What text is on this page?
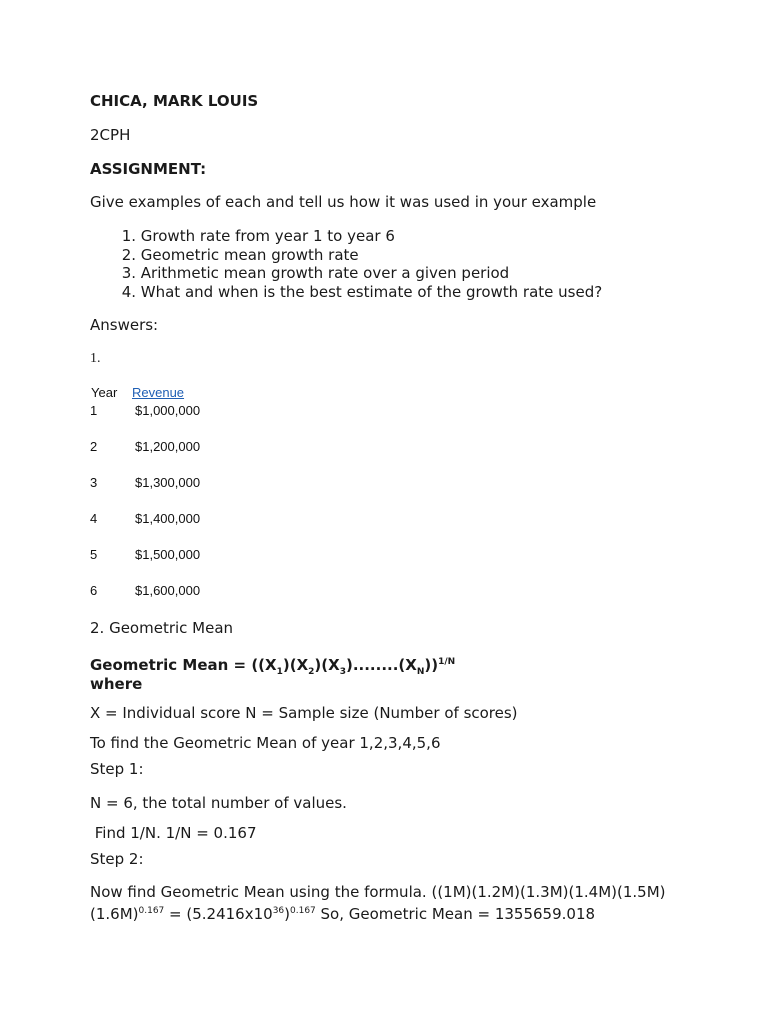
CHICA, MARK LOUIS
2CPH
ASSIGNMENT:
Give examples of each and tell us how it was used in your example
1. Growth rate from year 1 to year 6
2. Geometric mean growth rate
3. Arithmetic mean growth rate over a given period
4. What and when is the best estimate of the growth rate used?
Answers:
1.
Year Revenue
1	$1,000,000
2	$1,200,000
3	$1,300,000
4	$1,400,000
5	$1,500,000
6	$1,600,000
2. Geometric Mean
Geometric Mean = $((X_1)(X_2)(X_3)........(X_N))^{1/N}$
where
X = Individual score N = Sample size (Number of scores)
To find the Geometric Mean of year 1,2,3,4,5,6
Step 1:
N = 6, the total number of values.
Find 1/N. 1/N = 0.167
Step 2:
Now find Geometric Mean using the formula. ((1M)(1.2M)(1.3M)(1.4M)(1.5M)
$(1.6M)^{0.167} = (5.2416x10^{36})^{0.167}$ So, Geometric Mean = 1355659.018
